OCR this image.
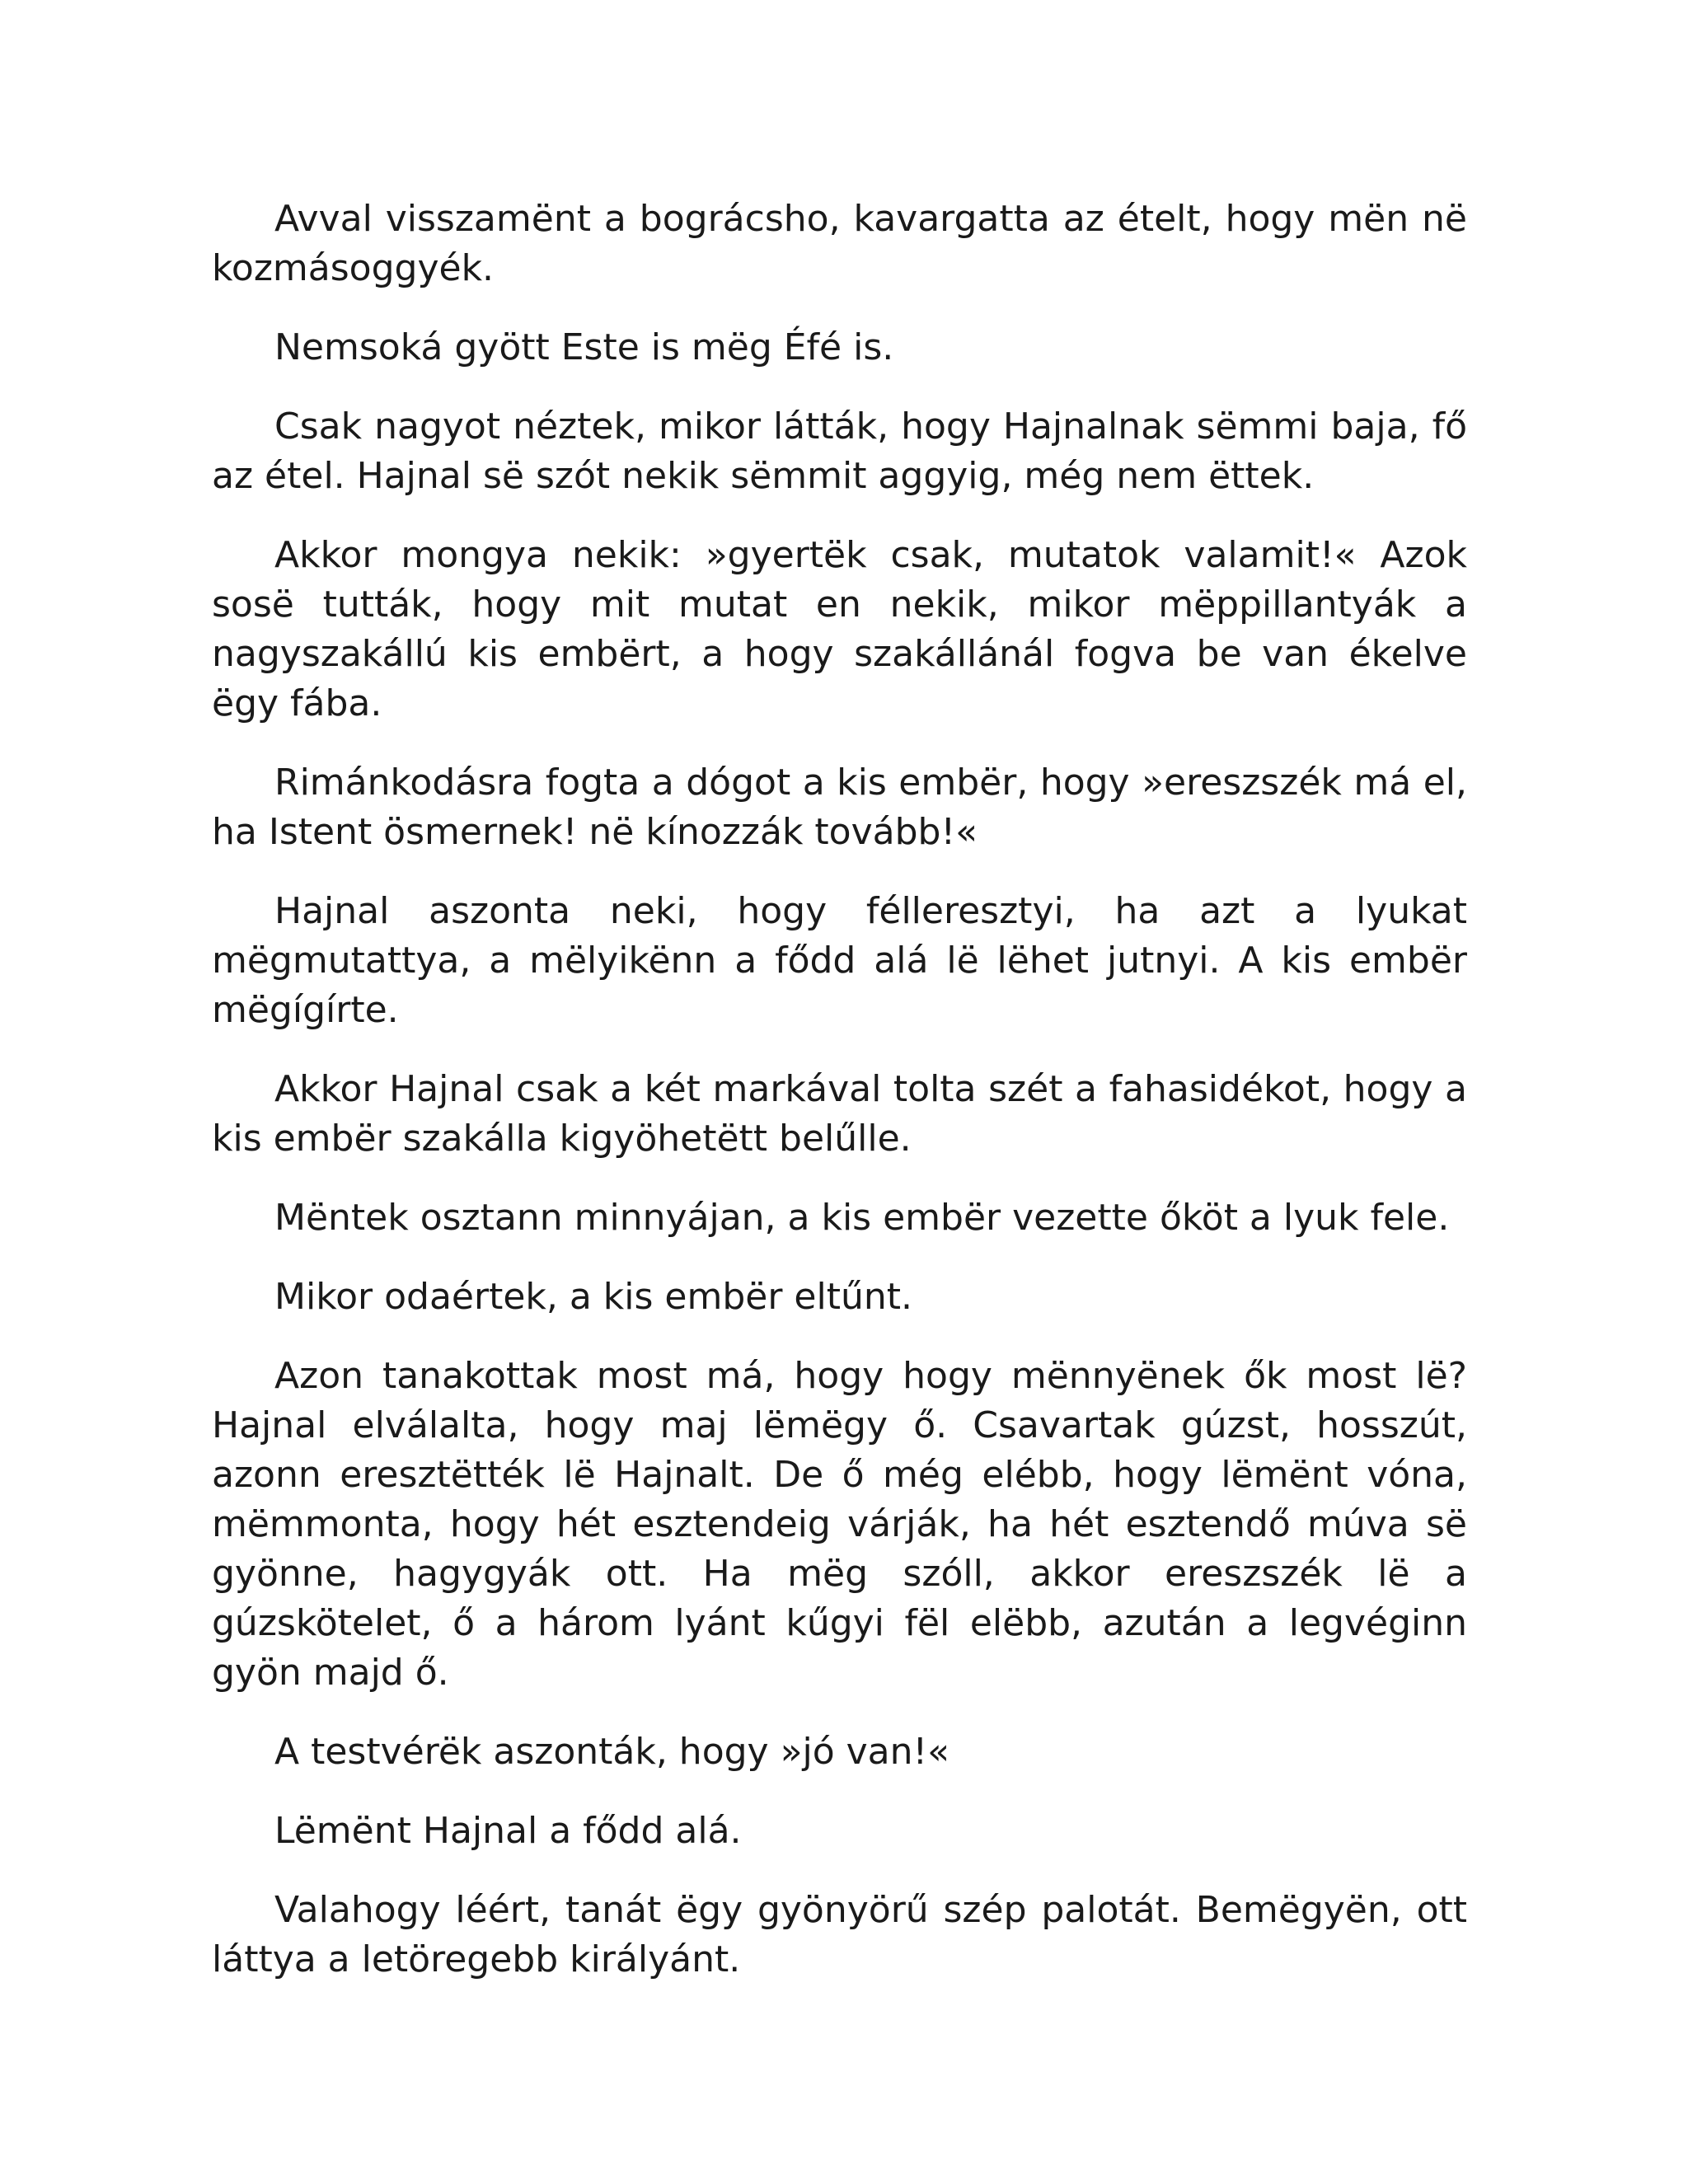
Avval visszamënt a bográcsho, kavargatta az ételt, hogy mën në kozmásoggyék.

Nemsoká gyött Este is mëg Éfé is.

Csak nagyot néztek, mikor látták, hogy Hajnalnak sëmmi baja, fő az étel. Hajnal së szót nekik sëmmit aggyig, még nem ëttek.

Akkor mongya nekik: »gyertëk csak, mutatok valamit!« Azok sosë tutták, hogy mit mutat en nekik, mikor mëppillantyák a nagyszakállú kis embërt, a hogy szakállánál fogva be van ékelve ëgy fába.

Rimánkodásra fogta a dógot a kis embër, hogy »ereszszék má el, ha Istent ösmernek! në kínozzák tovább!«

Hajnal aszonta neki, hogy félleresztyi, ha azt a lyukat mëgmutattya, a mëlyikënn a fődd alá lë lëhet jutnyi. A kis embër mëgígírte.

Akkor Hajnal csak a két markával tolta szét a fahasidékot, hogy a kis embër szakálla kigyöhetëtt belűlle.

Mëntek osztann minnyájan, a kis embër vezette őköt a lyuk fele.

Mikor odaértek, a kis embër eltűnt.

Azon tanakottak most má, hogy hogy mënnyënek ők most lë? Hajnal elválalta, hogy maj lëmëgy ő. Csavartak gúzst, hosszút, azonn eresztëtték lë Hajnalt. De ő még elébb, hogy lëmënt vóna, mëmmonta, hogy hét esztendeig várják, ha hét esztendő múva së gyönne, hagygyák ott. Ha mëg szóll, akkor ereszszék lë a gúzskötelet, ő a három lyánt kűgyi fël elëbb, azután a legvéginn gyön majd ő.

A testvérëk aszonták, hogy »jó van!«

Lëmënt Hajnal a fődd alá.

Valahogy léért, tanát ëgy gyönyörű szép palotát. Bemëgyën, ott láttya a letöregebb királyánt.
